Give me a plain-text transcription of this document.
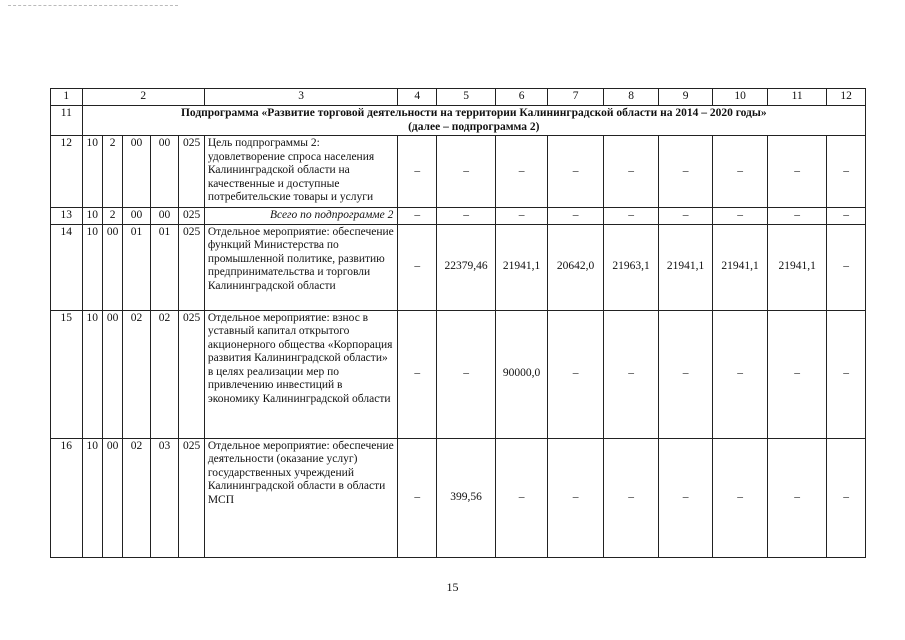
1	2					3	4	5	6	7	8	9	10	11	12
11	Подпрограмма «Развитие торговой деятельности на территории Калининградской области на 2014 – 2020 годы»
(далее – подпрограмма 2)														

12	10	2	00	00	025	Цель подпрограммы 2: удовлетворение спроса населения Калининградской области на качественные и доступные потребительские товары и услуги	–	–	–	–	–	–	–	–	–
13	10	2	00	00	025	Всего по подпрограмме 2	–	–	–	–	–	–	–	–	–
14	10	00	01	01	025	Отдельное мероприятие: обеспечение функций Министерства по промышленной политике, развитию предпринимательства и торговли Калининградской области	–	22379,46	21941,1	20642,0	21963,1	21941,1	21941,1	21941,1	–
15	10	00	02	02	025	Отдельное мероприятие: взнос в уставный капитал открытого акционерного общества «Корпорация развития Калининградской области» в целях реализации мер по привлечению инвестиций в экономику Калининградской области	–	–	90000,0	–	–	–	–	–	–
16	10	00	02	03	025	Отдельное мероприятие: обеспечение деятельности (оказание услуг) государственных учреждений Калининградской области в области МСП	–	399,56	–	–	–	–	–	–	–
15
